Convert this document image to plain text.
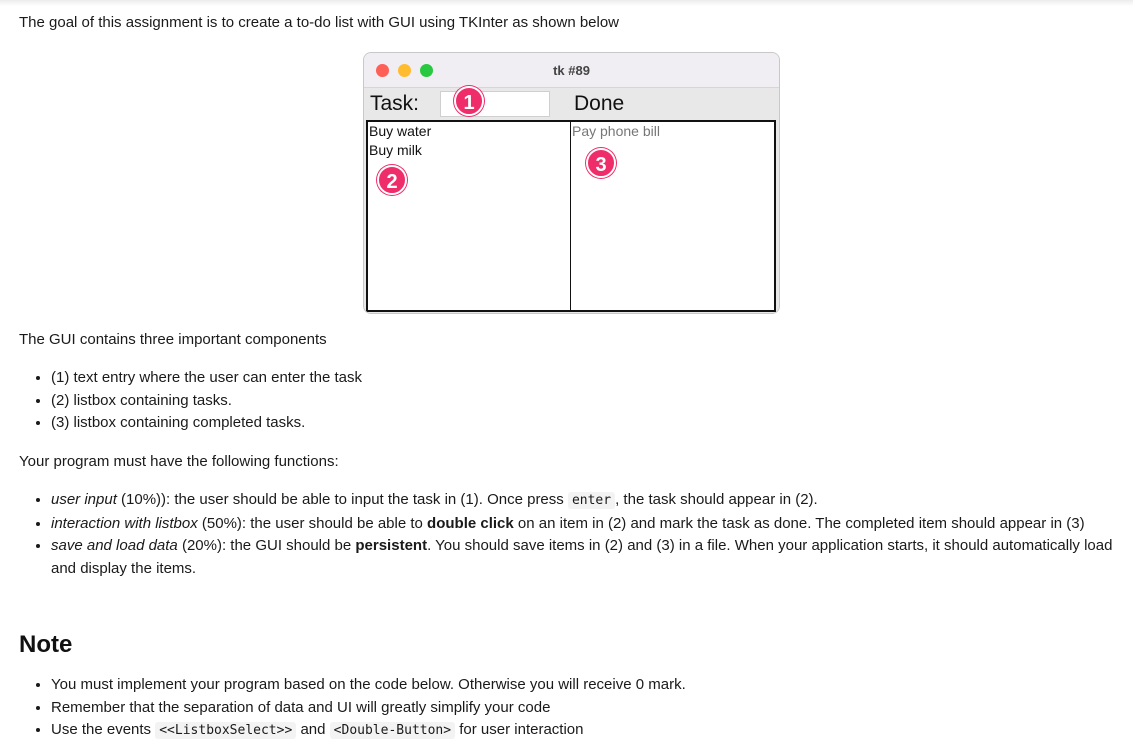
The goal of this assignment is to create a to-do list with GUI using TKInter as shown below

tk #89
Task:	Done
Buy water
Buy milk
Pay phone bill
1
2
3

The GUI contains three important components

• (1) text entry where the user can enter the task
• (2) listbox containing tasks.
• (3) listbox containing completed tasks.

Your program must have the following functions:

• user input (10%)): the user should be able to input the task in (1). Once press enter , the task should appear in (2).
• interaction with listbox (50%): the user should be able to double click on an item in (2) and mark the task as done. The completed item should appear in (3)
• save and load data (20%): the GUI should be persistent. You should save items in (2) and (3) in a file. When your application starts, it should automatically load and display the items.
Note
• You must implement your program based on the code below. Otherwise you will receive 0 mark.
• Remember that the separation of data and UI will greatly simplify your code
• Use the events <<ListboxSelect>> and <Double-Button> for user interaction
